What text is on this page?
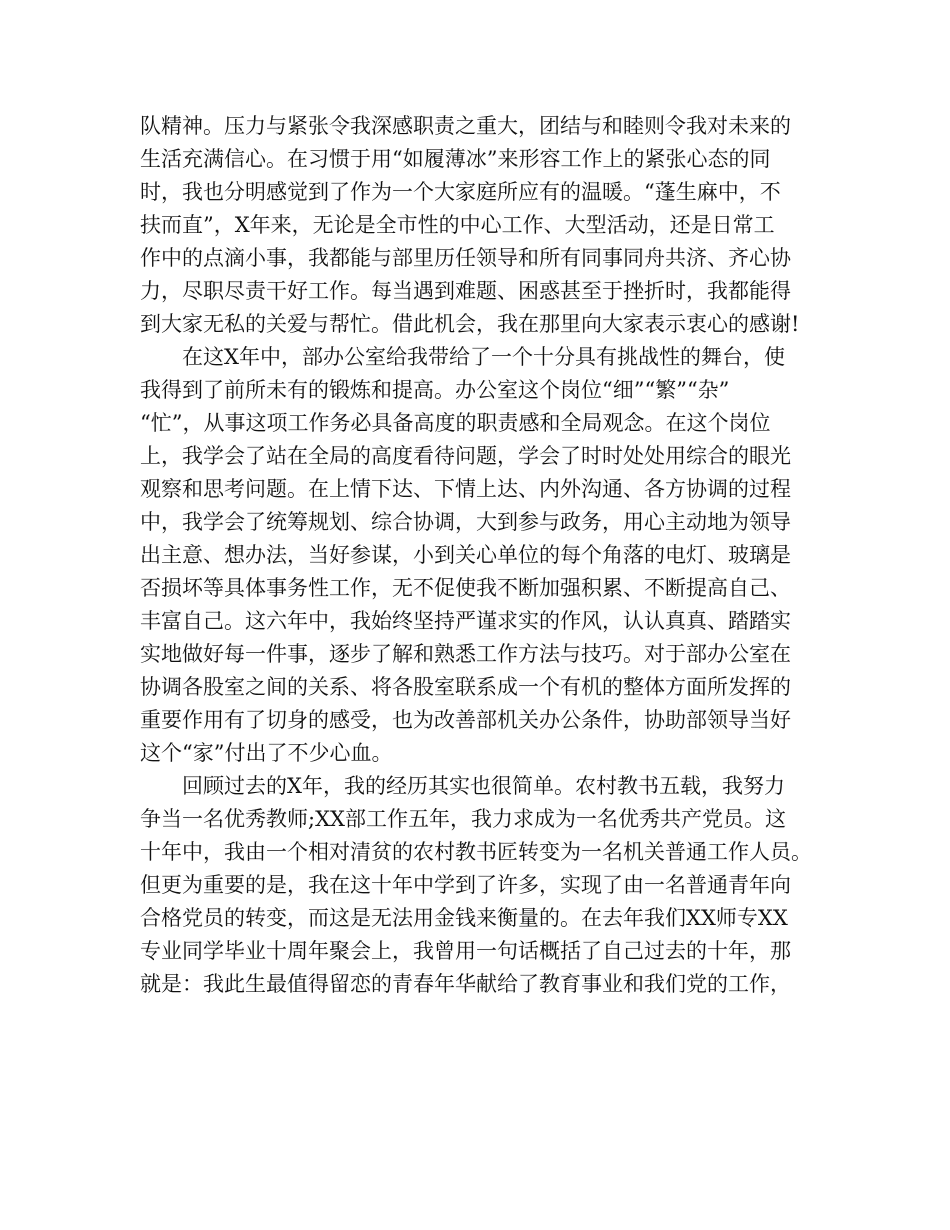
队精神。压力与紧张令我深感职责之重大，团结与和睦则令我对未来的
生活充满信心。在习惯于用“如履薄冰”来形容工作上的紧张心态的同
时，我也分明感觉到了作为一个大家庭所应有的温暖。“蓬生麻中，不
扶而直”，X年来，无论是全市性的中心工作、大型活动，还是日常工
作中的点滴小事，我都能与部里历任领导和所有同事同舟共济、齐心协
力，尽职尽责干好工作。每当遇到难题、困惑甚至于挫折时，我都能得
到大家无私的关爱与帮忙。借此机会，我在那里向大家表示衷心的感谢!
在这X年中，部办公室给我带给了一个十分具有挑战性的舞台，使
我得到了前所未有的锻炼和提高。办公室这个岗位“细”“繁”“杂”
“忙”，从事这项工作务必具备高度的职责感和全局观念。在这个岗位
上，我学会了站在全局的高度看待问题，学会了时时处处用综合的眼光
观察和思考问题。在上情下达、下情上达、内外沟通、各方协调的过程
中，我学会了统筹规划、综合协调，大到参与政务，用心主动地为领导
出主意、想办法，当好参谋，小到关心单位的每个角落的电灯、玻璃是
否损坏等具体事务性工作，无不促使我不断加强积累、不断提高自己、
丰富自己。这六年中，我始终坚持严谨求实的作风，认认真真、踏踏实
实地做好每一件事，逐步了解和熟悉工作方法与技巧。对于部办公室在
协调各股室之间的关系、将各股室联系成一个有机的整体方面所发挥的
重要作用有了切身的感受，也为改善部机关办公条件，协助部领导当好
这个“家”付出了不少心血。
回顾过去的X年，我的经历其实也很简单。农村教书五载，我努力
争当一名优秀教师;XX部工作五年，我力求成为一名优秀共产党员。这
十年中，我由一个相对清贫的农村教书匠转变为一名机关普通工作人员。
但更为重要的是，我在这十年中学到了许多，实现了由一名普通青年向
合格党员的转变，而这是无法用金钱来衡量的。在去年我们XX师专XX
专业同学毕业十周年聚会上，我曾用一句话概括了自己过去的十年，那
就是：我此生最值得留恋的青春年华献给了教育事业和我们党的工作，
